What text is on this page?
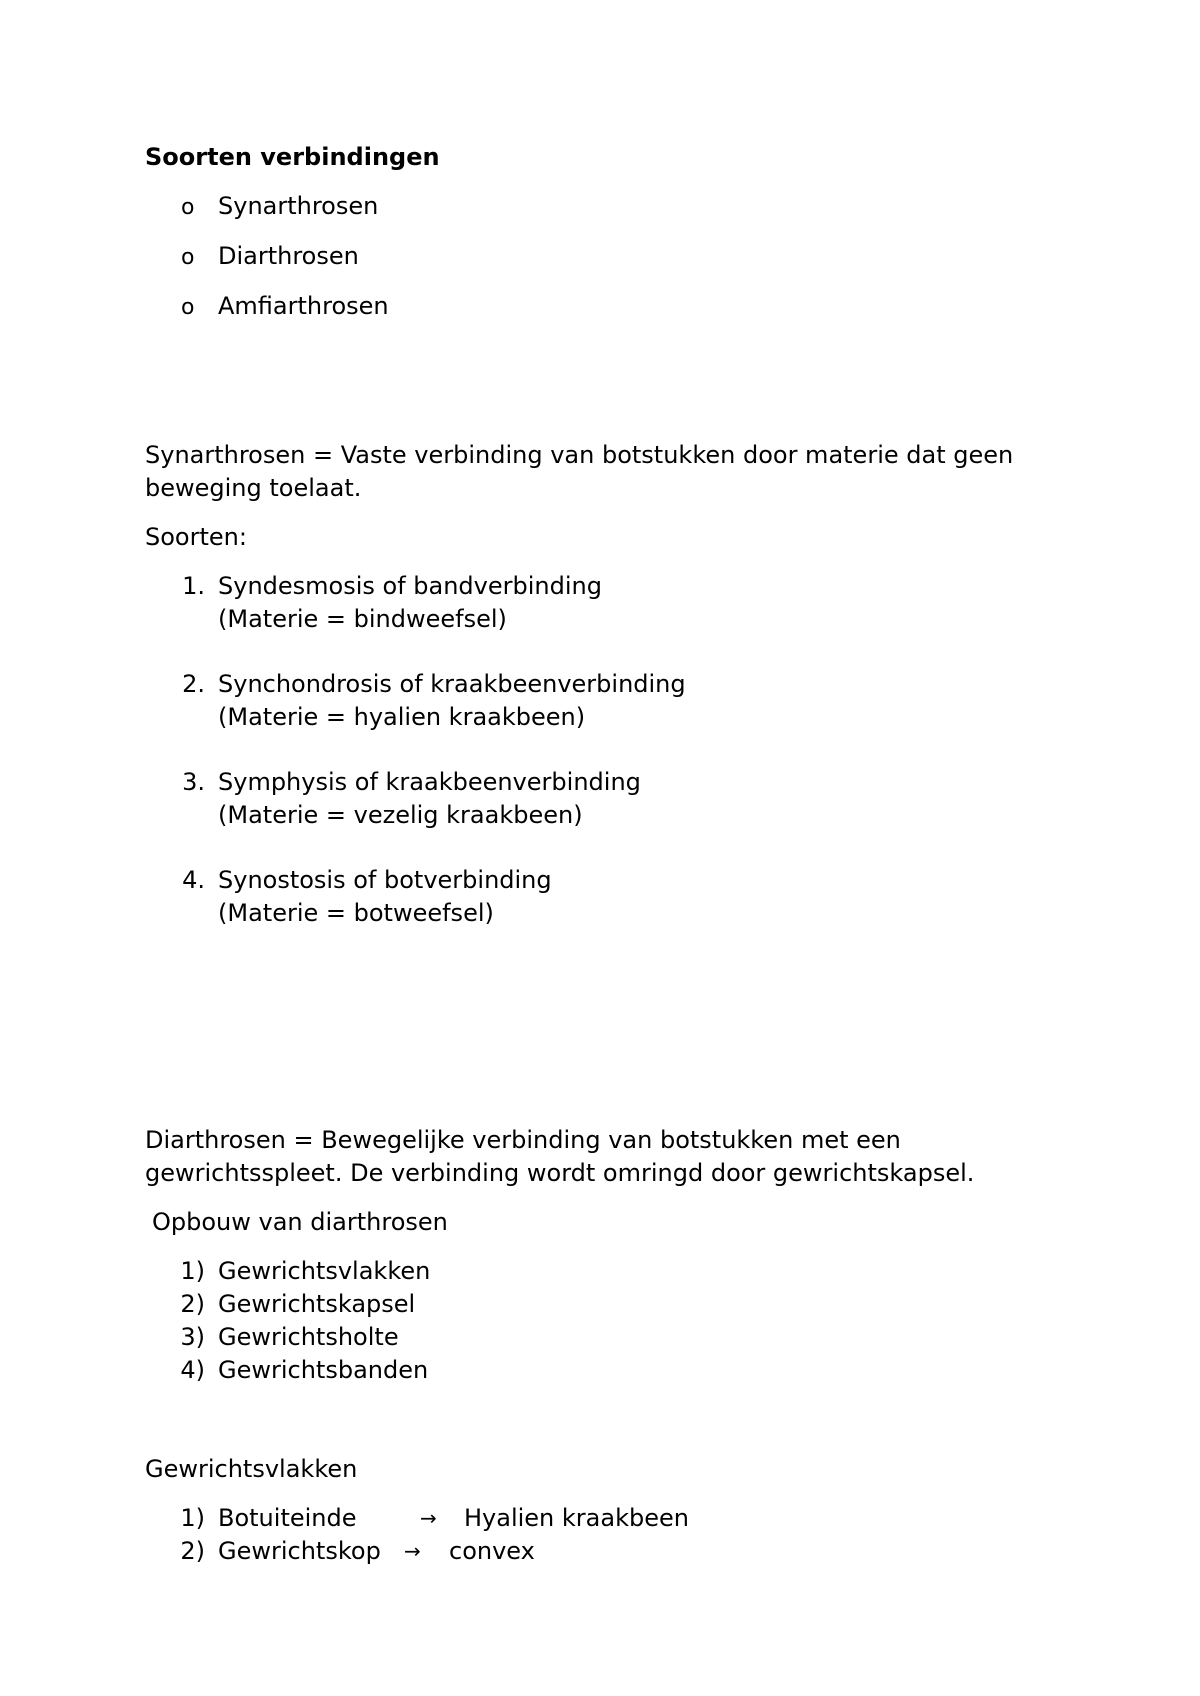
Soorten verbindingen
o Synarthrosen
o Diarthrosen
o Amfiarthrosen
Synarthrosen = Vaste verbinding van botstukken door materie dat geen
beweging toelaat.
Soorten:
1. Syndesmosis of bandverbinding
(Materie = bindweefsel)
2. Synchondrosis of kraakbeenverbinding
(Materie = hyalien kraakbeen)
3. Symphysis of kraakbeenverbinding
(Materie = vezelig kraakbeen)
4. Synostosis of botverbinding
(Materie = botweefsel)
Diarthrosen = Bewegelijke verbinding van botstukken met een
gewrichtsspleet. De verbinding wordt omringd door gewrichtskapsel.
Opbouw van diarthrosen
1) Gewrichtsvlakken
2) Gewrichtskapsel
3) Gewrichtsholte
4) Gewrichtsbanden
Gewrichtsvlakken
1) Botuiteinde	→ Hyalien kraakbeen
2) Gewrichtskop → convex
